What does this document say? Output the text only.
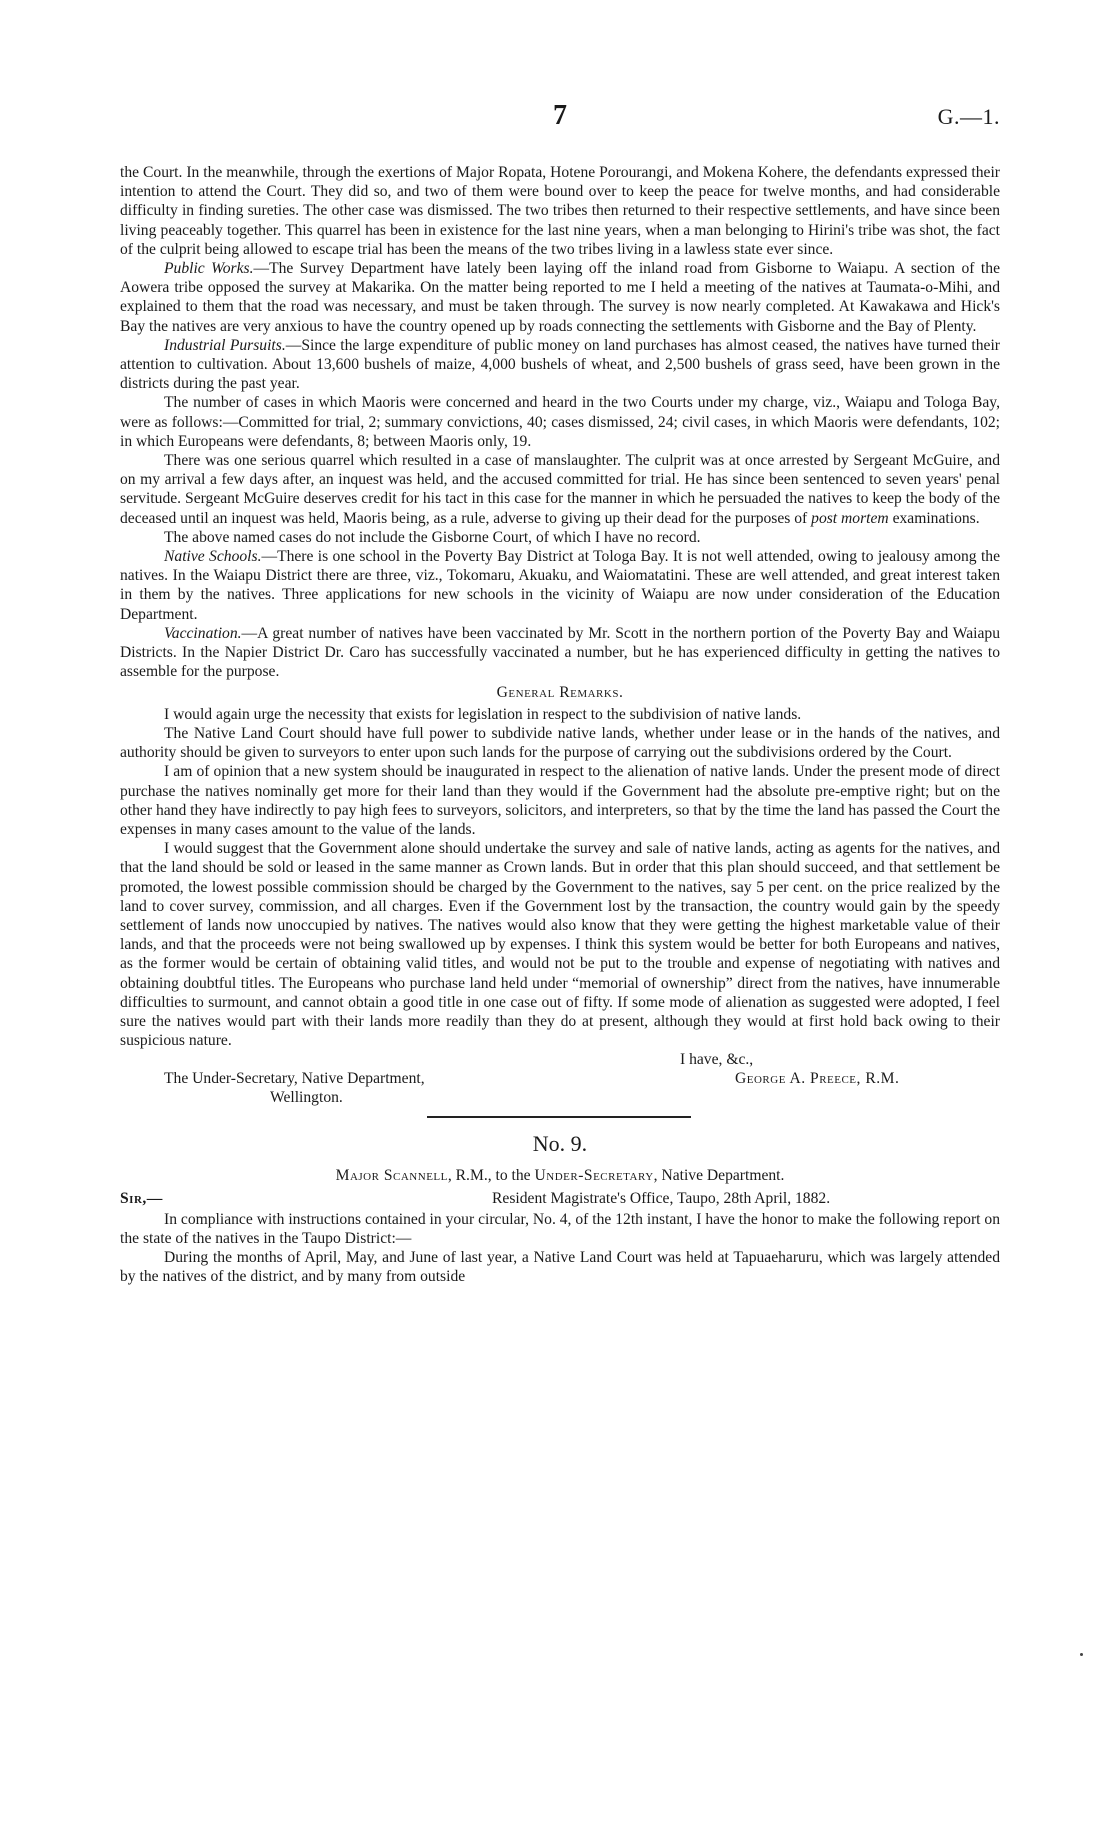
7	G.—1.

the Court. In the meanwhile, through the exertions of Major Ropata, Hotene Porourangi, and Mokena Kohere, the defendants expressed their intention to attend the Court. They did so, and two of them were bound over to keep the peace for twelve months, and had considerable difficulty in finding sureties. The other case was dismissed. The two tribes then returned to their respective settlements, and have since been living peaceably together. This quarrel has been in existence for the last nine years, when a man belonging to Hirini's tribe was shot, the fact of the culprit being allowed to escape trial has been the means of the two tribes living in a lawless state ever since.

Public Works.—The Survey Department have lately been laying off the inland road from Gisborne to Waiapu. A section of the Aowera tribe opposed the survey at Makarika. On the matter being reported to me I held a meeting of the natives at Taumata-o-Mihi, and explained to them that the road was necessary, and must be taken through. The survey is now nearly completed. At Kawakawa and Hick's Bay the natives are very anxious to have the country opened up by roads connecting the settlements with Gisborne and the Bay of Plenty.

Industrial Pursuits.—Since the large expenditure of public money on land purchases has almost ceased, the natives have turned their attention to cultivation. About 13,600 bushels of maize, 4,000 bushels of wheat, and 2,500 bushels of grass seed, have been grown in the districts during the past year.

The number of cases in which Maoris were concerned and heard in the two Courts under my charge, viz., Waiapu and Tologa Bay, were as follows:—Committed for trial, 2; summary convictions, 40; cases dismissed, 24; civil cases, in which Maoris were defendants, 102; in which Europeans were defendants, 8; between Maoris only, 19.

There was one serious quarrel which resulted in a case of manslaughter. The culprit was at once arrested by Sergeant McGuire, and on my arrival a few days after, an inquest was held, and the accused committed for trial. He has since been sentenced to seven years' penal servitude. Sergeant McGuire deserves credit for his tact in this case for the manner in which he persuaded the natives to keep the body of the deceased until an inquest was held, Maoris being, as a rule, adverse to giving up their dead for the purposes of post mortem examinations.

The above named cases do not include the Gisborne Court, of which I have no record.

Native Schools.—There is one school in the Poverty Bay District at Tologa Bay. It is not well attended, owing to jealousy among the natives. In the Waiapu District there are three, viz., Tokomaru, Akuaku, and Waiomatatini. These are well attended, and great interest taken in them by the natives. Three applications for new schools in the vicinity of Waiapu are now under consideration of the Education Department.

Vaccination.—A great number of natives have been vaccinated by Mr. Scott in the northern portion of the Poverty Bay and Waiapu Districts. In the Napier District Dr. Caro has successfully vaccinated a number, but he has experienced difficulty in getting the natives to assemble for the purpose.

General Remarks.

I would again urge the necessity that exists for legislation in respect to the subdivision of native lands.

The Native Land Court should have full power to subdivide native lands, whether under lease or in the hands of the natives, and authority should be given to surveyors to enter upon such lands for the purpose of carrying out the subdivisions ordered by the Court.

I am of opinion that a new system should be inaugurated in respect to the alienation of native lands. Under the present mode of direct purchase the natives nominally get more for their land than they would if the Government had the absolute pre-emptive right; but on the other hand they have indirectly to pay high fees to surveyors, solicitors, and interpreters, so that by the time the land has passed the Court the expenses in many cases amount to the value of the lands.

I would suggest that the Government alone should undertake the survey and sale of native lands, acting as agents for the natives, and that the land should be sold or leased in the same manner as Crown lands. But in order that this plan should succeed, and that settlement be promoted, the lowest possible commission should be charged by the Government to the natives, say 5 per cent. on the price realized by the land to cover survey, commission, and all charges. Even if the Government lost by the transaction, the country would gain by the speedy settlement of lands now unoccupied by natives. The natives would also know that they were getting the highest marketable value of their lands, and that the proceeds were not being swallowed up by expenses. I think this system would be better for both Europeans and natives, as the former would be certain of obtaining valid titles, and would not be put to the trouble and expense of negotiating with natives and obtaining doubtful titles. The Europeans who purchase land held under “memorial of ownership” direct from the natives, have innumerable difficulties to surmount, and cannot obtain a good title in one case out of fifty. If some mode of alienation as suggested were adopted, I feel sure the natives would part with their lands more readily than they do at present, although they would at first hold back owing to their suspicious nature.

I have, &c.,
The Under-Secretary, Native Department,	George A. Preece, R.M.
Wellington.

No. 9.

Major Scannell, R.M., to the Under-Secretary, Native Department.

Sir,—	Resident Magistrate's Office, Taupo, 28th April, 1882.

In compliance with instructions contained in your circular, No. 4, of the 12th instant, I have the honor to make the following report on the state of the natives in the Taupo District:—

During the months of April, May, and June of last year, a Native Land Court was held at Tapuaeharuru, which was largely attended by the natives of the district, and by many from outside
